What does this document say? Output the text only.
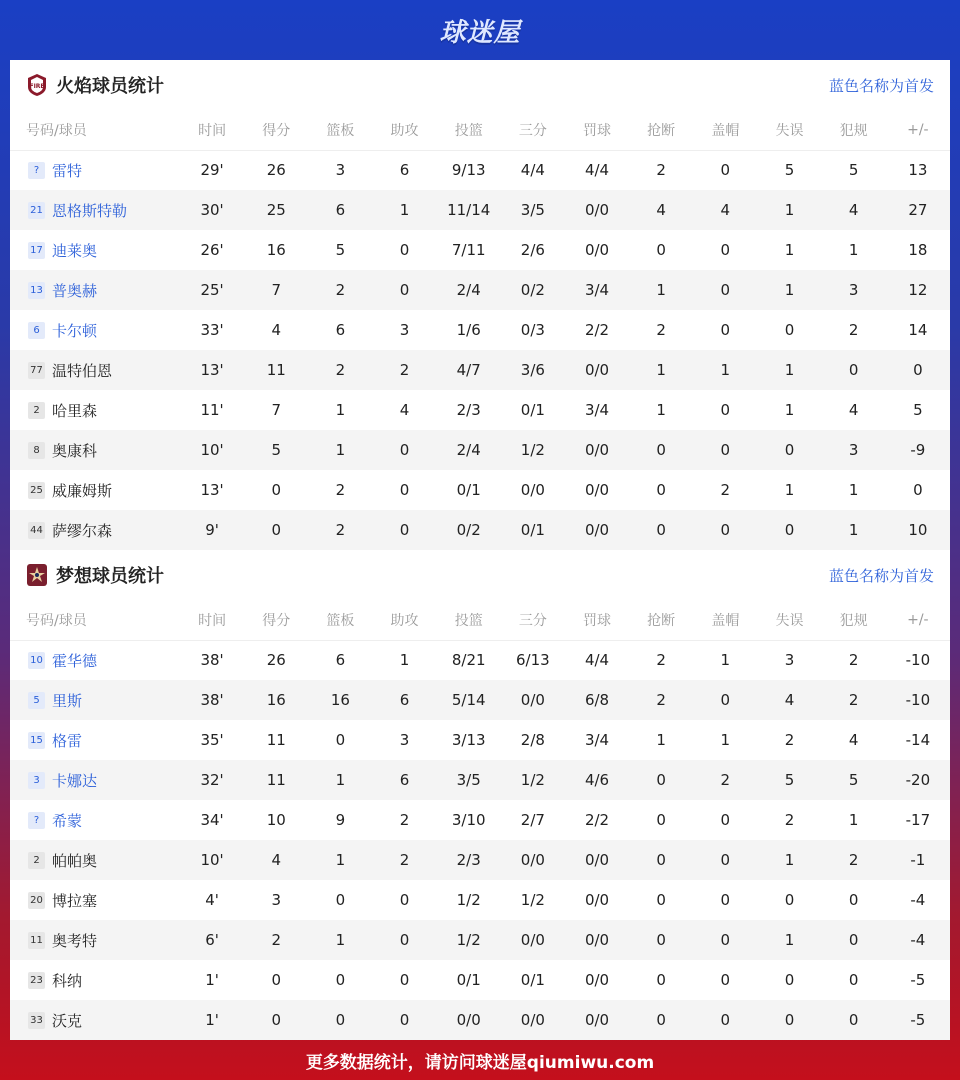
球迷屋
FIRE 火焰球员统计	蓝色名称为首发
号码/球员	时间	得分	篮板	助攻	投篮	三分	罚球	抢断	盖帽	失误	犯规	+/-
? 雷特	29'	26	3	6	9/13	4/4	4/4	2	0	5	5	13
21 恩格斯特勒	30'	25	6	1	11/14	3/5	0/0	4	4	1	4	27
17 迪莱奥	26'	16	5	0	7/11	2/6	0/0	0	0	1	1	18
13 普奥赫	25'	7	2	0	2/4	0/2	3/4	1	0	1	3	12
6 卡尔顿	33'	4	6	3	1/6	0/3	2/2	2	0	0	2	14
77 温特伯恩	13'	11	2	2	4/7	3/6	0/0	1	1	1	0	0
2 哈里森	11'	7	1	4	2/3	0/1	3/4	1	0	1	4	5
8 奥康科	10'	5	1	0	2/4	1/2	0/0	0	0	0	3	-9
25 威廉姆斯	13'	0	2	0	0/1	0/0	0/0	0	2	1	1	0
44 萨缪尔森	9'	0	2	0	0/2	0/1	0/0	0	0	0	1	10
梦想球员统计	蓝色名称为首发
号码/球员	时间	得分	篮板	助攻	投篮	三分	罚球	抢断	盖帽	失误	犯规	+/-
10 霍华德	38'	26	6	1	8/21	6/13	4/4	2	1	3	2	-10
5 里斯	38'	16	16	6	5/14	0/0	6/8	2	0	4	2	-10
15 格雷	35'	11	0	3	3/13	2/8	3/4	1	1	2	4	-14
3 卡娜达	32'	11	1	6	3/5	1/2	4/6	0	2	5	5	-20
? 希蒙	34'	10	9	2	3/10	2/7	2/2	0	0	2	1	-17
2 帕帕奥	10'	4	1	2	2/3	0/0	0/0	0	0	1	2	-1
20 博拉塞	4'	3	0	0	1/2	1/2	0/0	0	0	0	0	-4
11 奥考特	6'	2	1	0	1/2	0/0	0/0	0	0	1	0	-4
23 科纳	1'	0	0	0	0/1	0/1	0/0	0	0	0	0	-5
33 沃克	1'	0	0	0	0/0	0/0	0/0	0	0	0	0	-5
更多数据统计，请访问球迷屋qiumiwu.com
